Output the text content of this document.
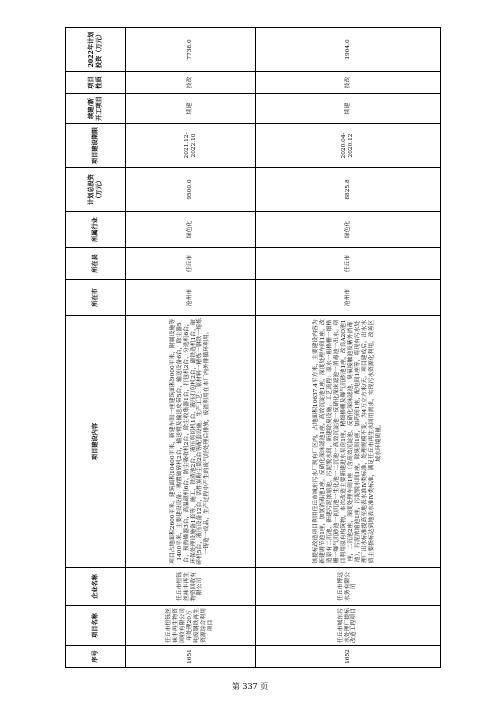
序号	项目名称	企业名称	项目建设内容	所在市	所在县	所属行业	计划总投资（万元）	项目建设期限	续建/新开工项目	项目性质	2022年计划投资（万元）
1651	任丘市恒铄丝袜丰再生物资回收有限公司年处理20万吨废钢铁再生资源综合利用项目	任丘市恒铄丝袜丰再生物资回收有限公司	项目占地面积2600平米，建筑面积10400平米，新建车间一座建筑面积9000平米，附属设施等1400平米，主要建设设备：购置破碎机2台，输送臂及输送皮带5台，输送设备6台，除尘器5台，预热燥器3台，高温磁机6台，防尘吸收机2台，除尘收集器1台，打包机2台、分选机6台，环保处理设施备1套等，施工、铁渣池2台，液压剪切机1台、液压打包机2台，磁铁选机1台，破碎机5台，液压设备12台，活性炭粉尘筒2台等配套设施。生产工艺：原材料一精炼一钢铁一熔炼一铸造一成品，生产过程中产生的废气经处理后排放，废渣利用在本厂内外排循环利用。	沧州市	任丘市	绿色化	9500.0	2021.12-2022.10	续建	技改	7738.0
1652	任丘市城东污水处理厂提标改造工程项目	任丘市博远水务有限公司	该提标改造项目利用任丘市城东污水厂现有厂区内，占地面积10637.4平方米，主要建设内容为新建调节池1座，加氢消毒池1座，反硝化深床滤池1座，高效沉淀池1座，深度处理车间1座，改造原有二沉池、新建污泥浓缩池、污泥脱水间，新建除臭设施。工艺流程：原水一粗格栅一细格栅一曝气沉砂池一初沉池一生化池一二沉池一高效沉淀池一反硝化深床滤池一消毒池一出水。项目利用原有构筑物，本次改造主要新建进水泵房1座，精细格栅及曝气沉砂池1座，改良A2O池1座，二沉池2座，深度处理车间1座（含高效沉淀池、反硝化深床滤池、臭氧接触池及紫外消毒池），污泥浓缩池1座，污泥脱水间1座，除臭间1座，加药间1座，配电间1座等，将现有污水处理厂出水标准提高至地表水准Ⅳ类标准，处理规模不变，为4万立方米/天。项目建成后，出水水质主要指标达到地表水准Ⅳ类标准，满足任丘市再生水回用需求，实现污水资源化利用，改善区域水环境质量。	沧州市	任丘市	绿色化	8825.8	2020.04-2020.12	续建	技改	1904.0
第 337 页
